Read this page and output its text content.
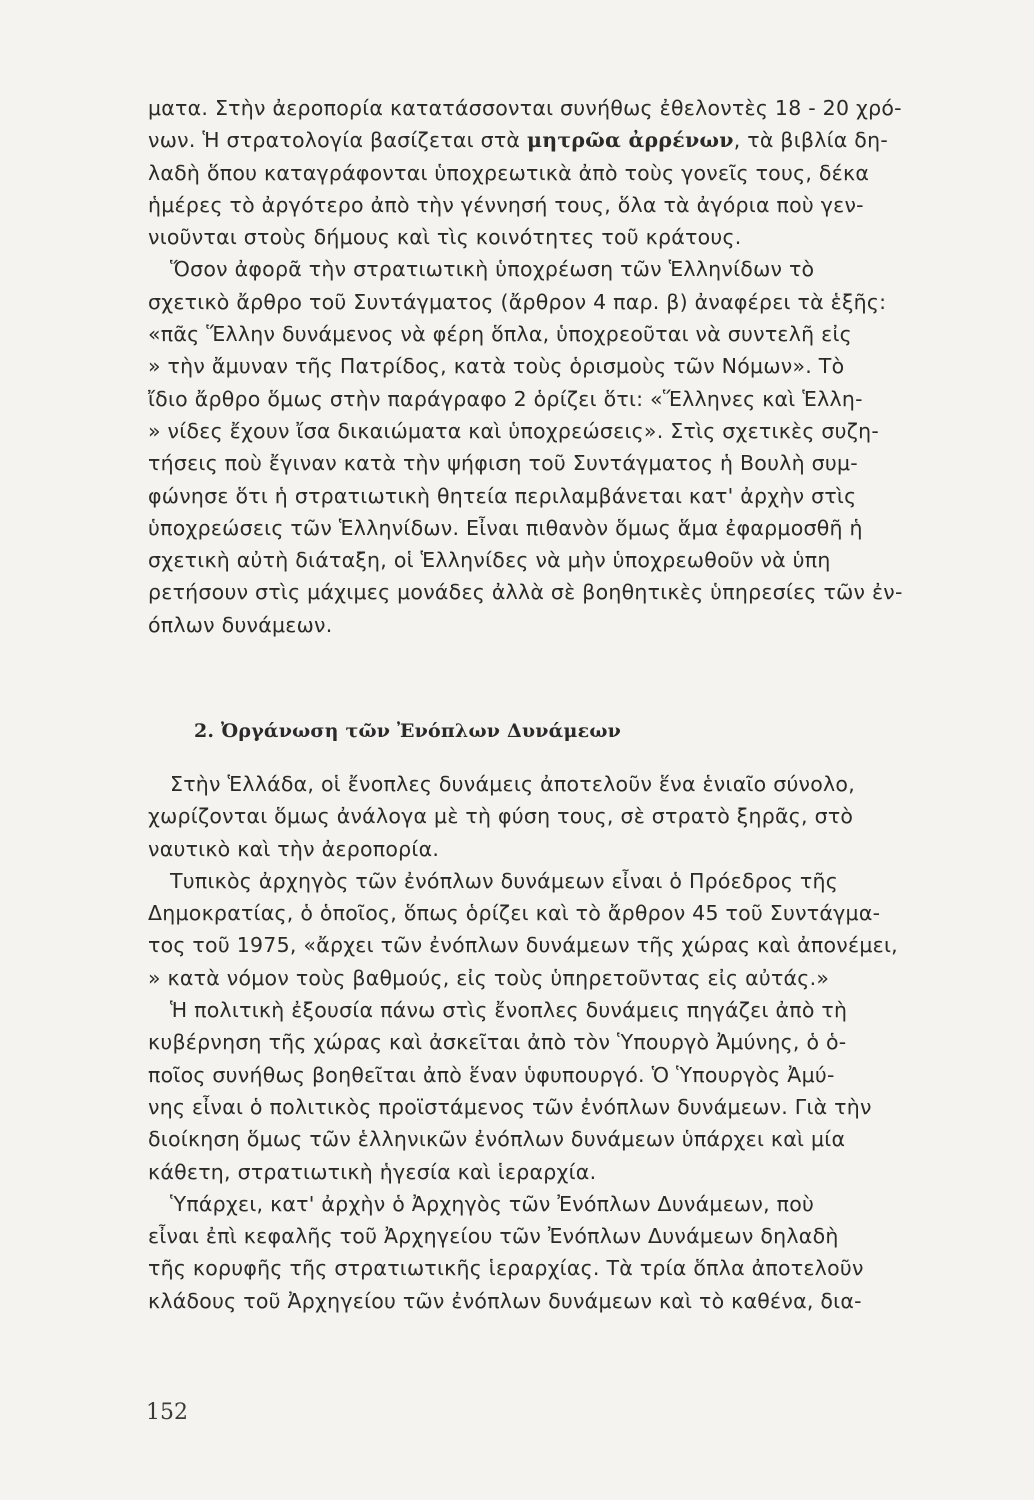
ματα. Στὴν ἀεροπορία κατατάσσονται συνήθως ἐθελοντὲς 18 - 20 χρό-
νων. Ἡ στρατολογία βασίζεται στὰ μητρῶα ἀρρένων, τὰ βιβλία δη-
λαδὴ ὅπου καταγράφονται ὑποχρεωτικὰ ἀπὸ τοὺς γονεῖς τους, δέκα
ἡμέρες τὸ ἀργότερο ἀπὸ τὴν γέννησή τους, ὅλα τὰ ἀγόρια ποὺ γεν-
νιοῦνται στοὺς δήμους καὶ τὶς κοινότητες τοῦ κράτους.
Ὅσον ἀφορᾶ τὴν στρατιωτικὴ ὑποχρέωση τῶν Ἑλληνίδων τὸ
σχετικὸ ἄρθρο τοῦ Συντάγματος (ἄρθρον 4 παρ. β) ἀναφέρει τὰ ἑξῆς:
«πᾶς Ἕλλην δυνάμενος νὰ φέρη ὅπλα, ὑποχρεοῦται νὰ συντελῆ εἰς
» τὴν ἄμυναν τῆς Πατρίδος, κατὰ τοὺς ὁρισμοὺς τῶν Νόμων». Τὸ
ἴδιο ἄρθρο ὅμως στὴν παράγραφο 2 ὁρίζει ὅτι: «Ἕλληνες καὶ Ἑλλη-
» νίδες ἔχουν ἴσα δικαιώματα καὶ ὑποχρεώσεις». Στὶς σχετικὲς συζη-
τήσεις ποὺ ἔγιναν κατὰ τὴν ψήφιση τοῦ Συντάγματος ἡ Βουλὴ συμ-
φώνησε ὅτι ἡ στρατιωτικὴ θητεία περιλαμβάνεται κατ' ἀρχὴν στὶς
ὑποχρεώσεις τῶν Ἑλληνίδων. Εἶναι πιθανὸν ὅμως ἅμα ἐφαρμοσθῆ ἡ
σχετικὴ αὐτὴ διάταξη, οἱ Ἑλληνίδες νὰ μὴν ὑποχρεωθοῦν νὰ ὑπη
ρετήσουν στὶς μάχιμες μονάδες ἀλλὰ σὲ βοηθητικὲς ὑπηρεσίες τῶν ἐν-
όπλων δυνάμεων.
2. Ὀργάνωση τῶν Ἐνόπλων Δυνάμεων
Στὴν Ἑλλάδα, οἱ ἔνοπλες δυνάμεις ἀποτελοῦν ἕνα ἑνιαῖο σύνολο,
χωρίζονται ὅμως ἀνάλογα μὲ τὴ φύση τους, σὲ στρατὸ ξηρᾶς, στὸ
ναυτικὸ καὶ τὴν ἀεροπορία.
Τυπικὸς ἀρχηγὸς τῶν ἐνόπλων δυνάμεων εἶναι ὁ Πρόεδρος τῆς
Δημοκρατίας, ὁ ὁποῖος, ὅπως ὁρίζει καὶ τὸ ἄρθρον 45 τοῦ Συντάγμα-
τος τοῦ 1975, «ἄρχει τῶν ἐνόπλων δυνάμεων τῆς χώρας καὶ ἀπονέμει,
» κατὰ νόμον τοὺς βαθμούς, εἰς τοὺς ὑπηρετοῦντας εἰς αὐτάς.»
Ἡ πολιτικὴ ἐξουσία πάνω στὶς ἔνοπλες δυνάμεις πηγάζει ἀπὸ τὴ
κυβέρνηση τῆς χώρας καὶ ἀσκεῖται ἀπὸ τὸν Ὑπουργὸ Ἀμύνης, ὁ ὁ-
ποῖος συνήθως βοηθεῖται ἀπὸ ἕναν ὑφυπουργό. Ὁ Ὑπουργὸς Ἀμύ-
νης εἶναι ὁ πολιτικὸς προϊστάμενος τῶν ἐνόπλων δυνάμεων. Γιὰ τὴν
διοίκηση ὅμως τῶν ἑλληνικῶν ἐνόπλων δυνάμεων ὑπάρχει καὶ μία
κάθετη, στρατιωτικὴ ἡγεσία καὶ ἱεραρχία.
Ὑπάρχει, κατ' ἀρχὴν ὁ Ἀρχηγὸς τῶν Ἐνόπλων Δυνάμεων, ποὺ
εἶναι ἐπὶ κεφαλῆς τοῦ Ἀρχηγείου τῶν Ἐνόπλων Δυνάμεων δηλαδὴ
τῆς κορυφῆς τῆς στρατιωτικῆς ἱεραρχίας. Τὰ τρία ὅπλα ἀποτελοῦν
κλάδους τοῦ Ἀρχηγείου τῶν ἐνόπλων δυνάμεων καὶ τὸ καθένα, δια-
152
